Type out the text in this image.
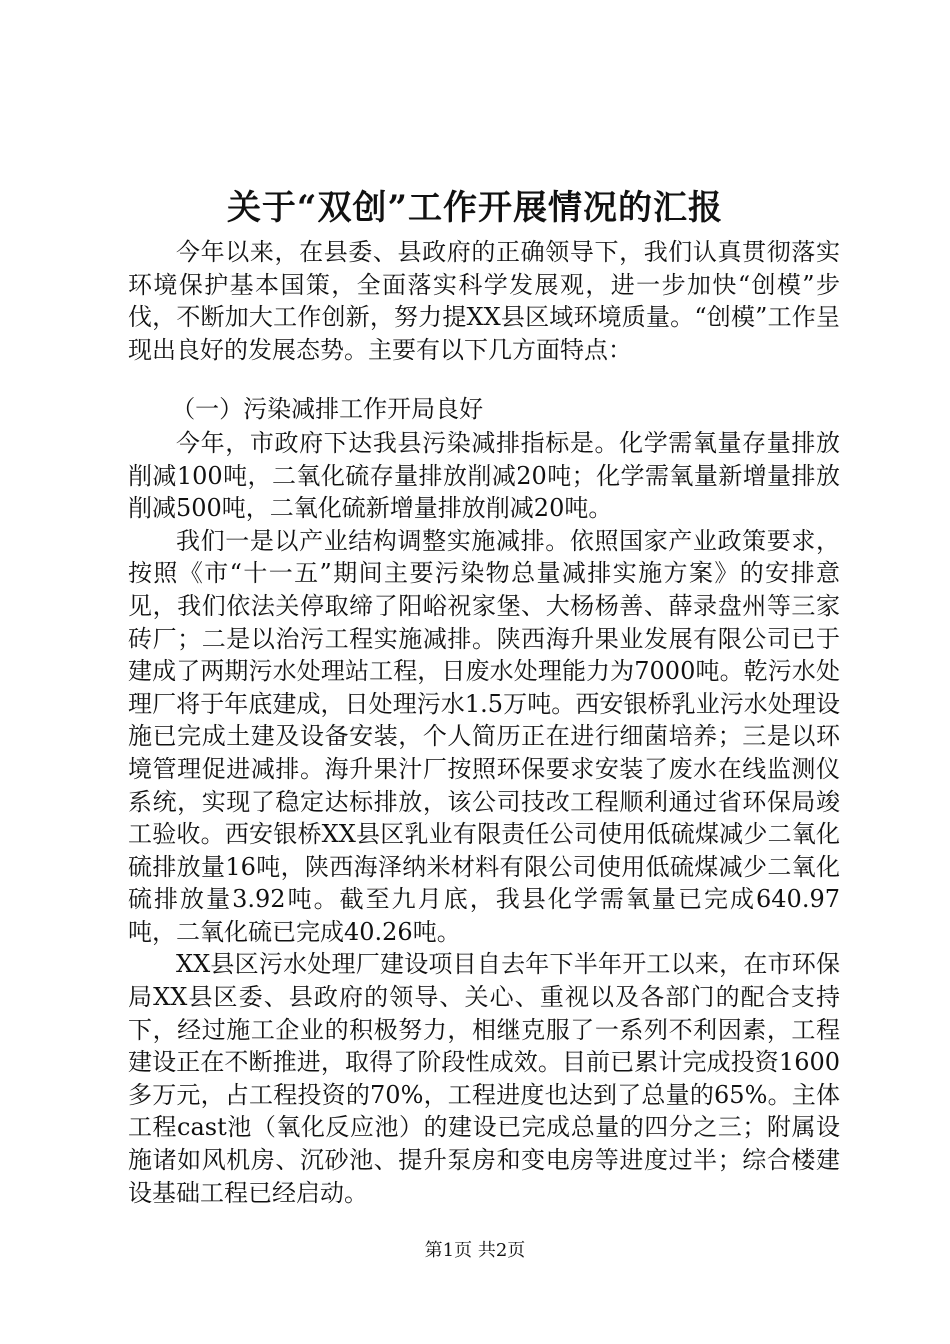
关于“双创”工作开展情况的汇报

今年以来，在县委、县政府的正确领导下，我们认真贯彻落实环境保护基本国策，全面落实科学发展观，进一步加快“创模”步伐，不断加大工作创新，努力提XX县区域环境质量。“创模”工作呈现出良好的发展态势。主要有以下几方面特点：

（一）污染减排工作开局良好

今年，市政府下达我县污染减排指标是。化学需氧量存量排放削减100吨，二氧化硫存量排放削减20吨；化学需氧量新增量排放削减500吨，二氧化硫新增量排放削减20吨。

我们一是以产业结构调整实施减排。依照国家产业政策要求，按照《市“十一五”期间主要污染物总量减排实施方案》的安排意见，我们依法关停取缔了阳峪祝家堡、大杨杨善、薛录盘州等三家砖厂；二是以治污工程实施减排。陕西海升果业发展有限公司已于建成了两期污水处理站工程，日废水处理能力为7000吨。乾污水处理厂将于年底建成，日处理污水1.5万吨。西安银桥乳业污水处理设施已完成土建及设备安装，个人简历正在进行细菌培养；三是以环境管理促进减排。海升果汁厂按照环保要求安装了废水在线监测仪系统，实现了稳定达标排放，该公司技改工程顺利通过省环保局竣工验收。西安银桥XX县区乳业有限责任公司使用低硫煤减少二氧化硫排放量16吨，陕西海泽纳米材料有限公司使用低硫煤减少二氧化硫排放量3.92吨。截至九月底，我县化学需氧量已完成640.97吨，二氧化硫已完成40.26吨。

XX县区污水处理厂建设项目自去年下半年开工以来，在市环保局XX县区委、县政府的领导、关心、重视以及各部门的配合支持下，经过施工企业的积极努力，相继克服了一系列不利因素，工程建设正在不断推进，取得了阶段性成效。目前已累计完成投资1600多万元，占工程投资的70%，工程进度也达到了总量的65%。主体工程cast池（氧化反应池）的建设已完成总量的四分之三；附属设施诸如风机房、沉砂池、提升泵房和变电房等进度过半；综合楼建设基础工程已经启动。

第1页 共2页
